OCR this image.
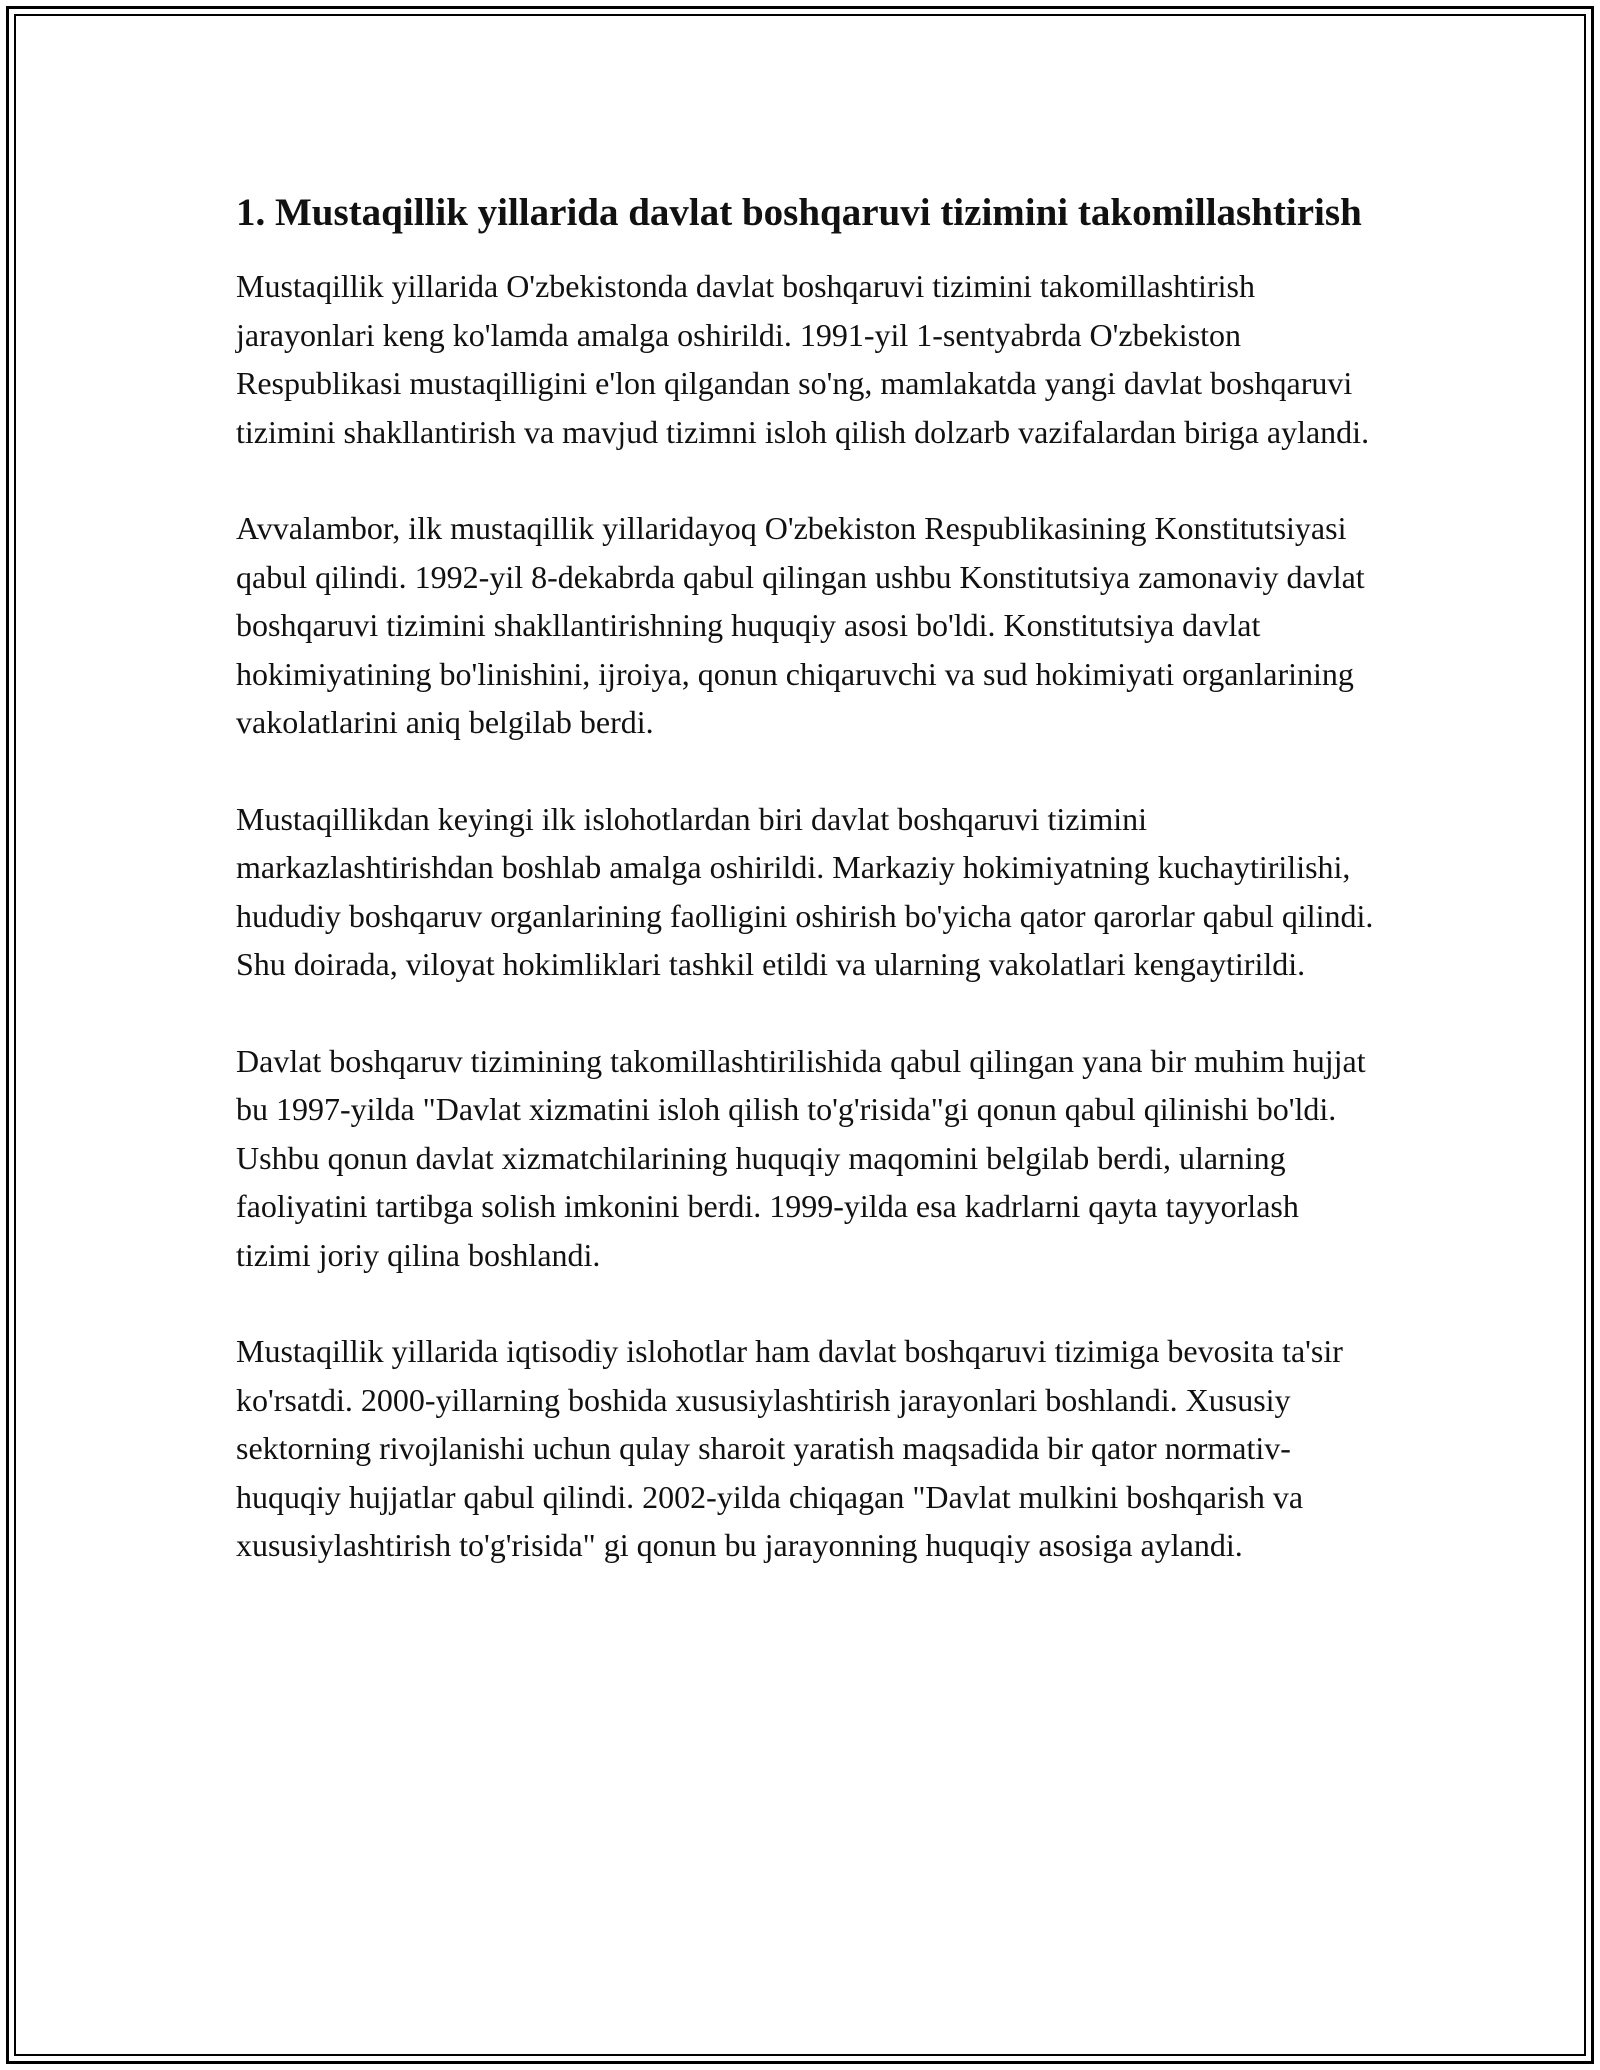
1. Mustaqillik yillarida davlat boshqaruvi tizimini takomillashtirish

Mustaqillik yillarida O'zbekistonda davlat boshqaruvi tizimini takomillashtirish jarayonlari keng ko'lamda amalga oshirildi. 1991-yil 1-sentyabrda O'zbekiston Respublikasi mustaqilligini e'lon qilgandan so'ng, mamlakatda yangi davlat boshqaruvi tizimini shakllantirish va mavjud tizimni isloh qilish dolzarb vazifalardan biriga aylandi.

Avvalambor, ilk mustaqillik yillaridayoq O'zbekiston Respublikasining Konstitutsiyasi qabul qilindi. 1992-yil 8-dekabrda qabul qilingan ushbu Konstitutsiya zamonaviy davlat boshqaruvi tizimini shakllantirishning huquqiy asosi bo'ldi. Konstitutsiya davlat hokimiyatining bo'linishini, ijroiya, qonun chiqaruvchi va sud hokimiyati organlarining vakolatlarini aniq belgilab berdi.

Mustaqillikdan keyingi ilk islohotlardan biri davlat boshqaruvi tizimini markazlashtirishdan boshlab amalga oshirildi. Markaziy hokimiyatning kuchaytirilishi, hududiy boshqaruv organlarining faolligini oshirish bo'yicha qator qarorlar qabul qilindi. Shu doirada, viloyat hokimliklari tashkil etildi va ularning vakolatlari kengaytirildi.

Davlat boshqaruv tizimining takomillashtirilishida qabul qilingan yana bir muhim hujjat bu 1997-yilda "Davlat xizmatini isloh qilish to'g'risida"gi qonun qabul qilinishi bo'ldi. Ushbu qonun davlat xizmatchilarining huquqiy maqomini belgilab berdi, ularning faoliyatini tartibga solish imkonini berdi. 1999-yilda esa kadrlarni qayta tayyorlash tizimi joriy qilina boshlandi.

Mustaqillik yillarida iqtisodiy islohotlar ham davlat boshqaruvi tizimiga bevosita ta'sir ko'rsatdi. 2000-yillarning boshida xususiylashtirish jarayonlari boshlandi. Xususiy sektorning rivojlanishi uchun qulay sharoit yaratish maqsadida bir qator normativ-huquqiy hujjatlar qabul qilindi. 2002-yilda chiqagan "Davlat mulkini boshqarish va xususiylashtirish to'g'risida" gi qonun bu jarayonning huquqiy asosiga aylandi.
